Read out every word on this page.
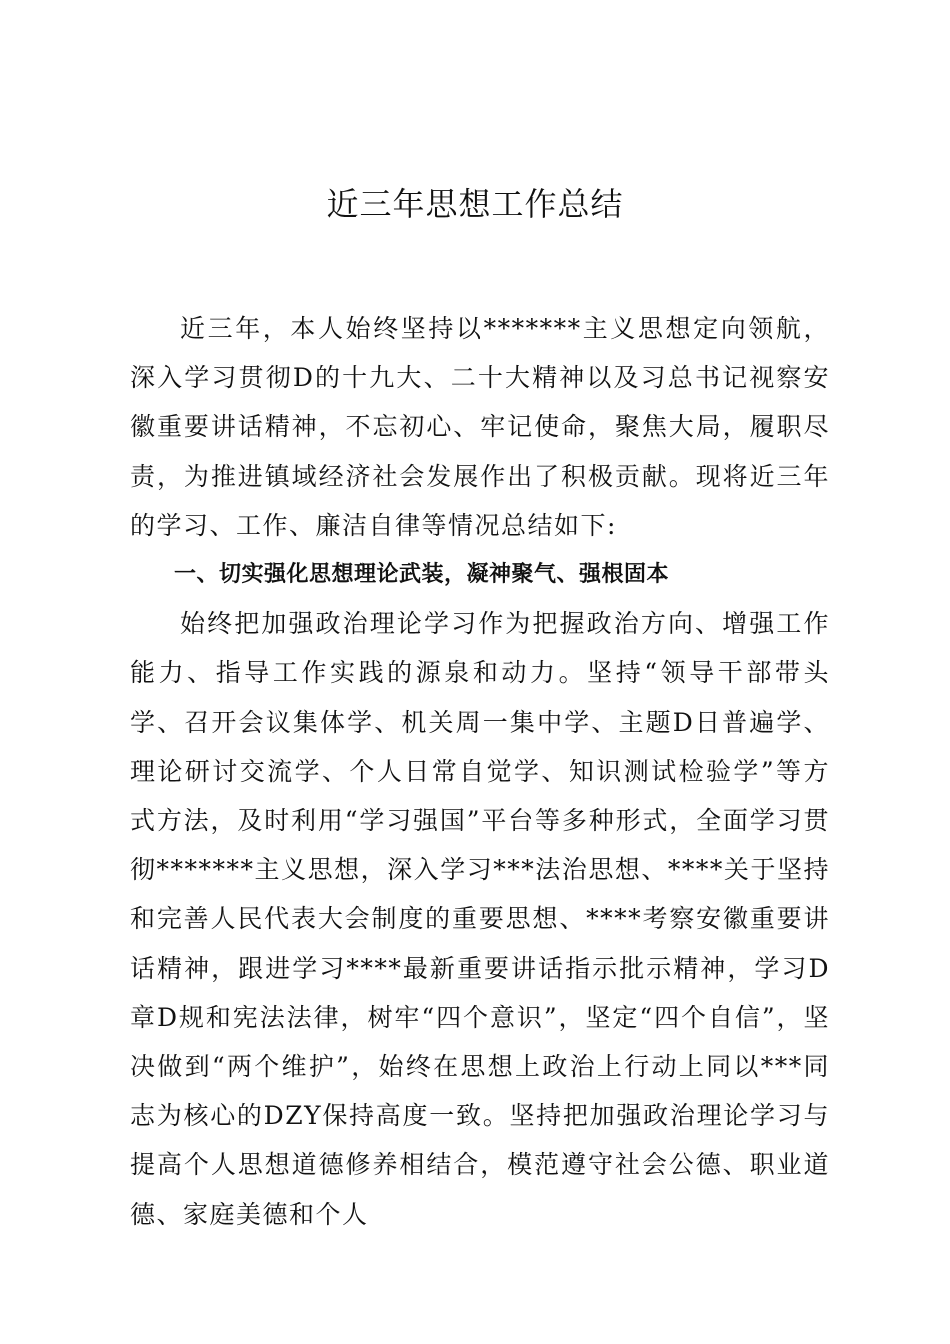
近三年思想工作总结

近三年，本人始终坚持以*******主义思想定向领航，深入学习贯彻D的十九大、二十大精神以及习总书记视察安徽重要讲话精神，不忘初心、牢记使命，聚焦大局，履职尽责，为推进镇域经济社会发展作出了积极贡献。现将近三年的学习、工作、廉洁自律等情况总结如下:

一、切实强化思想理论武装，凝神聚气、强根固本

始终把加强政治理论学习作为把握政治方向、增强工作能力、指导工作实践的源泉和动力。坚持“领导干部带头学、召开会议集体学、机关周一集中学、主题D日普遍学、理论研讨交流学、个人日常自觉学、知识测试检验学”等方式方法，及时利用“学习强国”平台等多种形式，全面学习贯彻*******主义思想，深入学习***法治思想、****关于坚持和完善人民代表大会制度的重要思想、****考察安徽重要讲话精神，跟进学习****最新重要讲话指示批示精神，学习D章D规和宪法法律，树牢“四个意识”，坚定“四个自信”，坚决做到“两个维护”，始终在思想上政治上行动上同以***同志为核心的DZY保持高度一致。坚持把加强政治理论学习与提高个人思想道德修养相结合，模范遵守社会公德、职业道德、家庭美德和个人
